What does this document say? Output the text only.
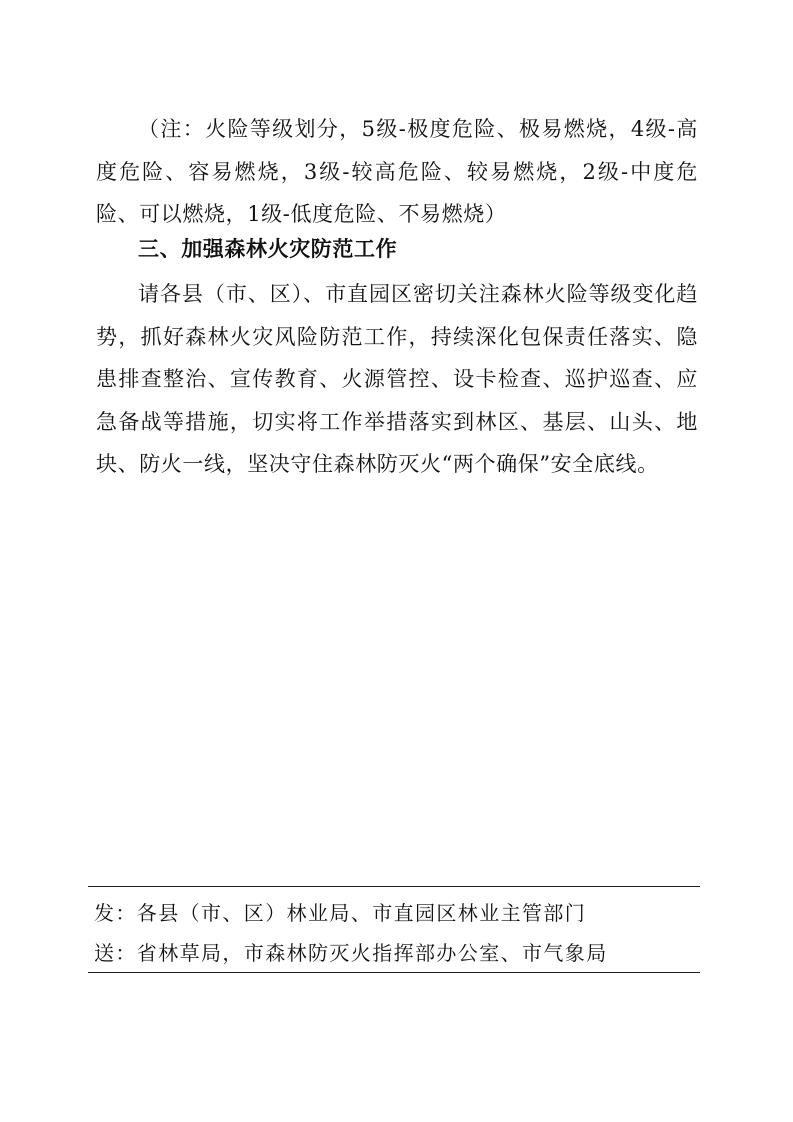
（注：火险等级划分，5级-极度危险、极易燃烧，4级-高度危险、容易燃烧，3级-较高危险、较易燃烧，2级-中度危险、可以燃烧，1级-低度危险、不易燃烧）

三、加强森林火灾防范工作

请各县（市、区）、市直园区密切关注森林火险等级变化趋势，抓好森林火灾风险防范工作，持续深化包保责任落实、隐患排查整治、宣传教育、火源管控、设卡检查、巡护巡查、应急备战等措施，切实将工作举措落实到林区、基层、山头、地块、防火一线，坚决守住森林防灭火“两个确保”安全底线。

发：各县（市、区）林业局、市直园区林业主管部门

送：省林草局，市森林防灭火指挥部办公室、市气象局
